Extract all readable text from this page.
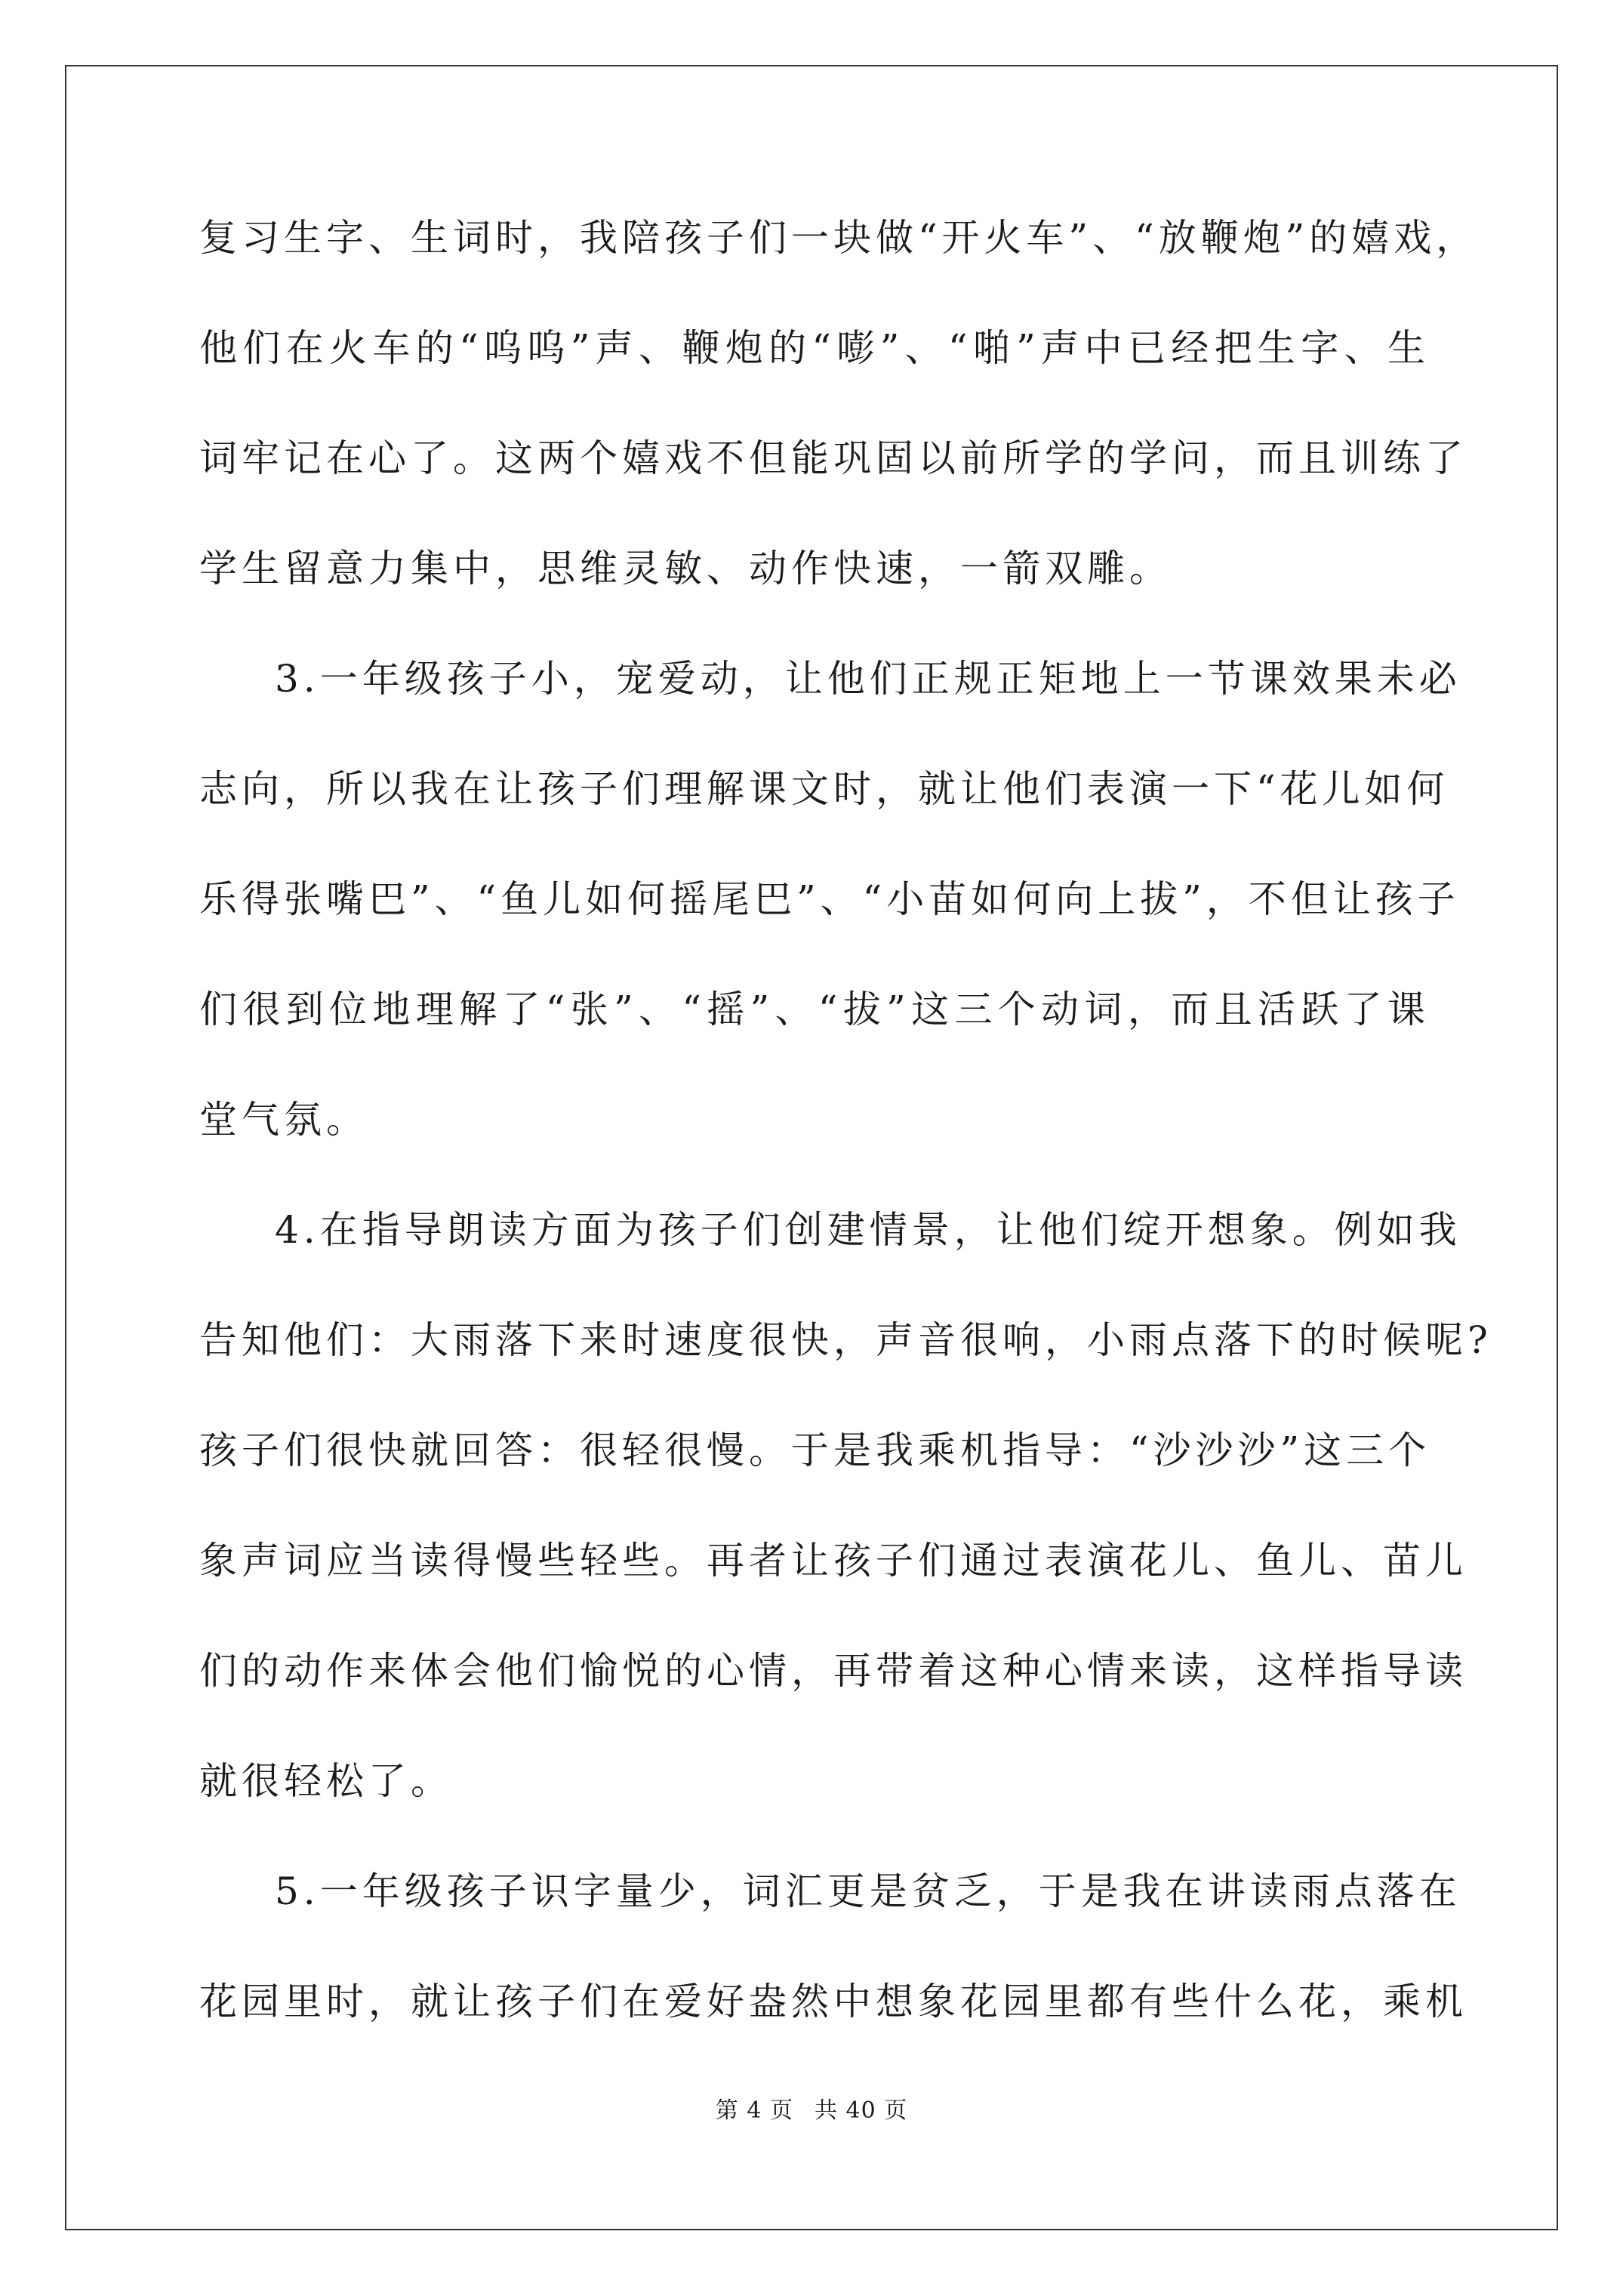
复习生字、生词时，我陪孩子们一块做“开火车”、“放鞭炮”的嬉戏，
他们在火车的“呜呜”声、鞭炮的“嘭”、“啪”声中已经把生字、生
词牢记在心了。这两个嬉戏不但能巩固以前所学的学问，而且训练了
学生留意力集中，思维灵敏、动作快速，一箭双雕。
3.一年级孩子小，宠爱动，让他们正规正矩地上一节课效果未必
志向，所以我在让孩子们理解课文时，就让他们表演一下“花儿如何
乐得张嘴巴”、“鱼儿如何摇尾巴”、“小苗如何向上拔”，不但让孩子
们很到位地理解了“张”、“摇”、“拔”这三个动词，而且活跃了课
堂气氛。
4.在指导朗读方面为孩子们创建情景，让他们绽开想象。例如我
告知他们：大雨落下来时速度很快，声音很响，小雨点落下的时候呢?
孩子们很快就回答：很轻很慢。于是我乘机指导：“沙沙沙”这三个
象声词应当读得慢些轻些。再者让孩子们通过表演花儿、鱼儿、苗儿
们的动作来体会他们愉悦的心情，再带着这种心情来读，这样指导读
就很轻松了。
5.一年级孩子识字量少，词汇更是贫乏，于是我在讲读雨点落在
花园里时，就让孩子们在爱好盎然中想象花园里都有些什么花，乘机
第 4 页 共 40 页
